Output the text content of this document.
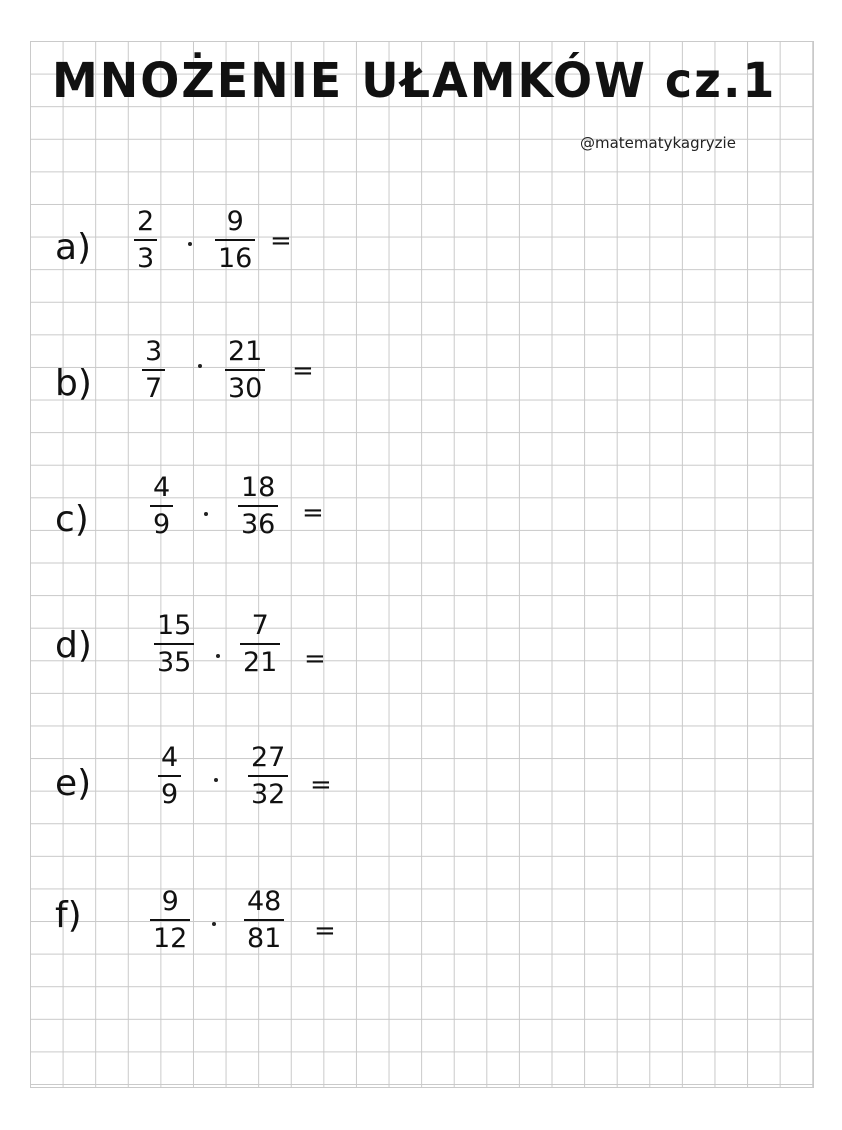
MNOŻENIE UŁAMKÓW cz.1
@matematykagryzie
a)
2
3
9
16
=
b)
3
7
21
30
=
c)
4
9
18
36 =
d) 15
35
7
21 =
e)
4
9
27
32 =
f)	9
12
48
81 =
